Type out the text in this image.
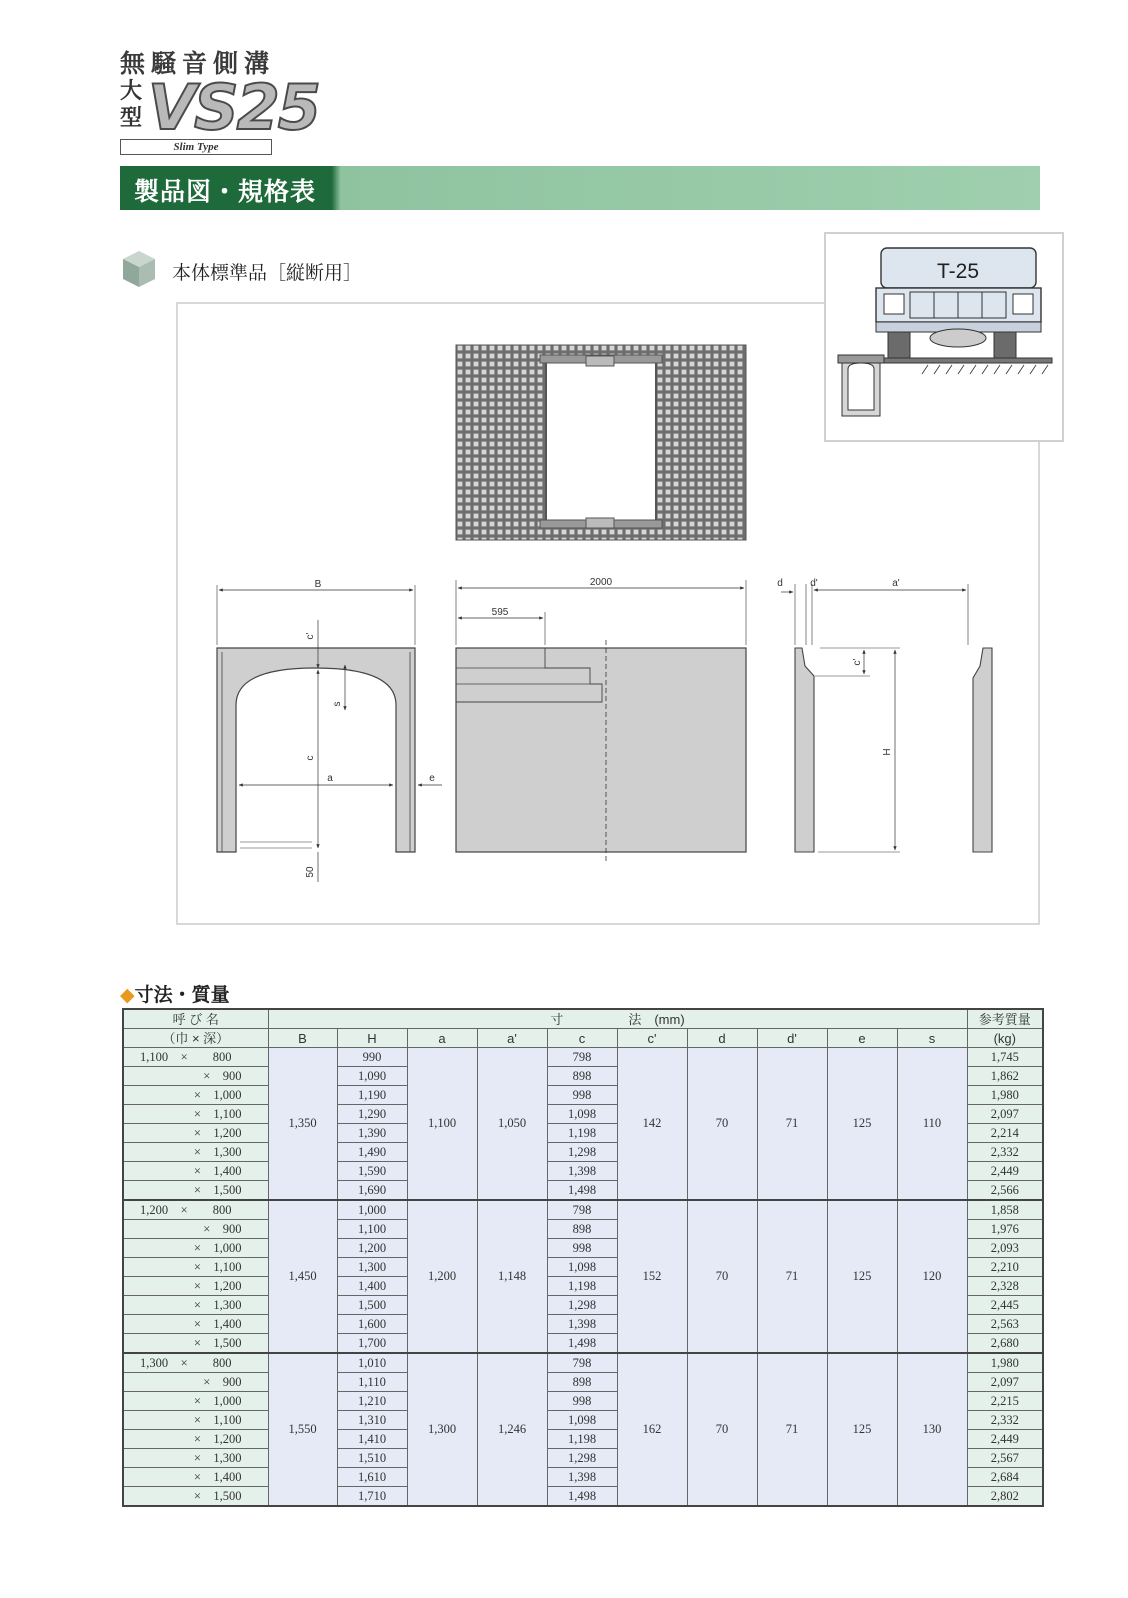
無騒音側溝
大型 VS25
Slim Type
製品図・規格表
本体標準品［縦断用］
B
c'
s
c
a	e
50
2000
595
d	d'	a'
c'
H
T-25
◆寸法・質量
呼 び 名	寸　　　　　法　(mm)										参考質量
（巾 × 深）	B	H	a	a'	c	c'	d	d'	e	s	(kg)
1,100　×　　800	1,350	990	1,100	1,050	798	142	70	71	125	110	1,745
×　900		1,090			898						1,862
×　1,000		1,190			998						1,980
×　1,100		1,290			1,098						2,097
×　1,200		1,390			1,198						2,214
×　1,300		1,490			1,298						2,332
×　1,400		1,590			1,398						2,449
×　1,500		1,690			1,498						2,566
1,200　×　　800	1,450	1,000	1,200	1,148	798	152	70	71	125	120	1,858
×　900		1,100			898						1,976
×　1,000		1,200			998						2,093
×　1,100		1,300			1,098						2,210
×　1,200		1,400			1,198						2,328
×　1,300		1,500			1,298						2,445
×　1,400		1,600			1,398						2,563
×　1,500		1,700			1,498						2,680
1,300　×　　800	1,550	1,010	1,300	1,246	798	162	70	71	125	130	1,980
×　900		1,110			898						2,097
×　1,000		1,210			998						2,215
×　1,100		1,310			1,098						2,332
×　1,200		1,410			1,198						2,449
×　1,300		1,510			1,298						2,567
×　1,400		1,610			1,398						2,684
×　1,500		1,710			1,498						2,802
